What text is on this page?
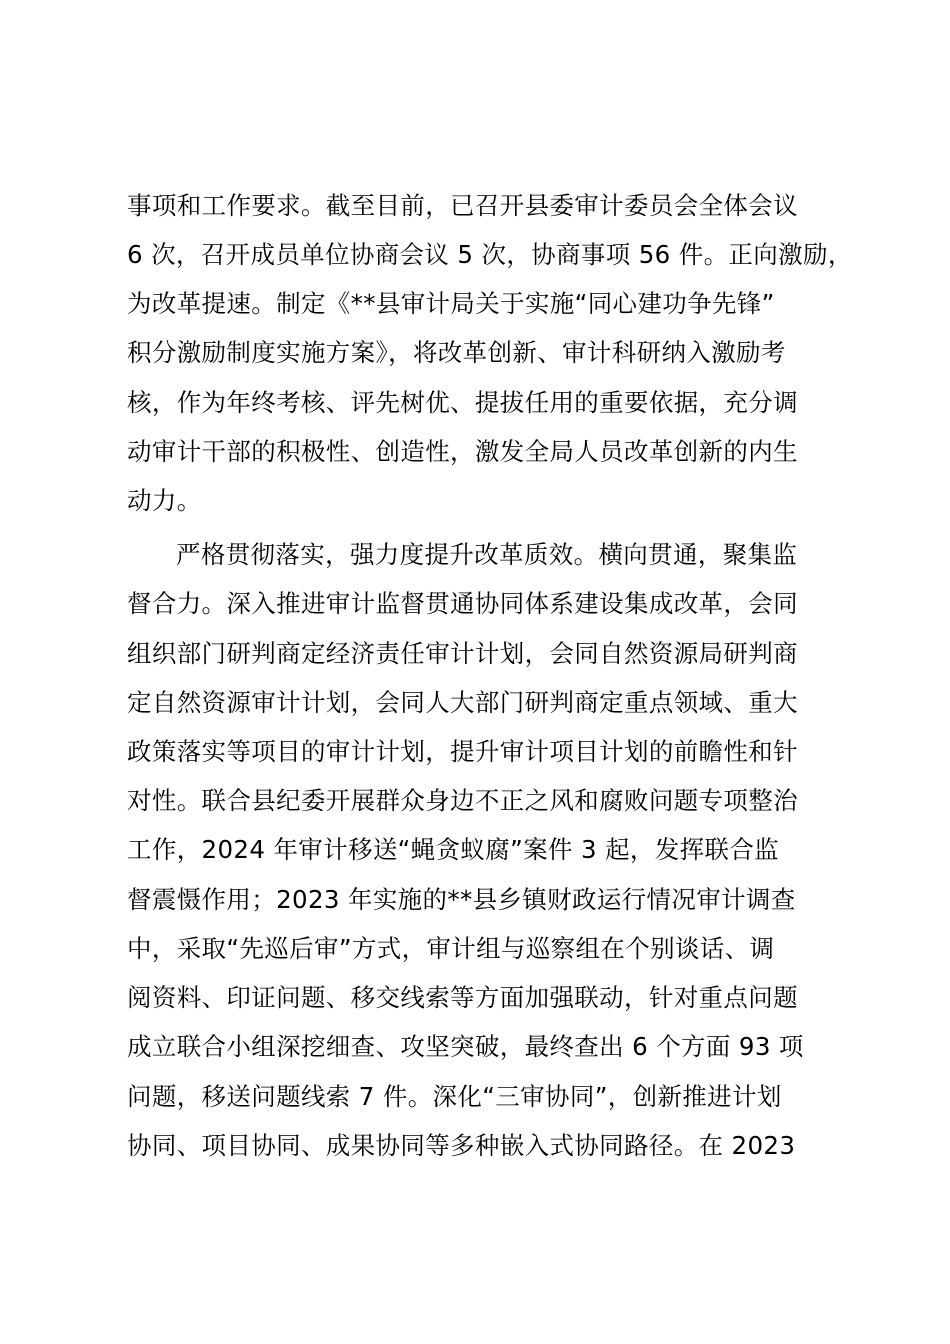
事项和工作要求。截至目前，已召开县委审计委员会全体会议
6 次，召开成员单位协商会议 5 次，协商事项 56 件。正向激励，
为改革提速。制定《**县审计局关于实施“同心建功争先锋”
积分激励制度实施方案》，将改革创新、审计科研纳入激励考
核，作为年终考核、评先树优、提拔任用的重要依据，充分调
动审计干部的积极性、创造性，激发全局人员改革创新的内生
动力。
严格贯彻落实，强力度提升改革质效。横向贯通，聚集监
督合力。深入推进审计监督贯通协同体系建设集成改革，会同
组织部门研判商定经济责任审计计划，会同自然资源局研判商
定自然资源审计计划，会同人大部门研判商定重点领域、重大
政策落实等项目的审计计划，提升审计项目计划的前瞻性和针
对性。联合县纪委开展群众身边不正之风和腐败问题专项整治
工作，2024 年审计移送“蝇贪蚁腐”案件 3 起，发挥联合监
督震慑作用；2023 年实施的**县乡镇财政运行情况审计调查
中，采取“先巡后审”方式，审计组与巡察组在个别谈话、调
阅资料、印证问题、移交线索等方面加强联动，针对重点问题
成立联合小组深挖细查、攻坚突破，最终查出 6 个方面 93 项
问题，移送问题线索 7 件。深化“三审协同”，创新推进计划
协同、项目协同、成果协同等多种嵌入式协同路径。在 2023
